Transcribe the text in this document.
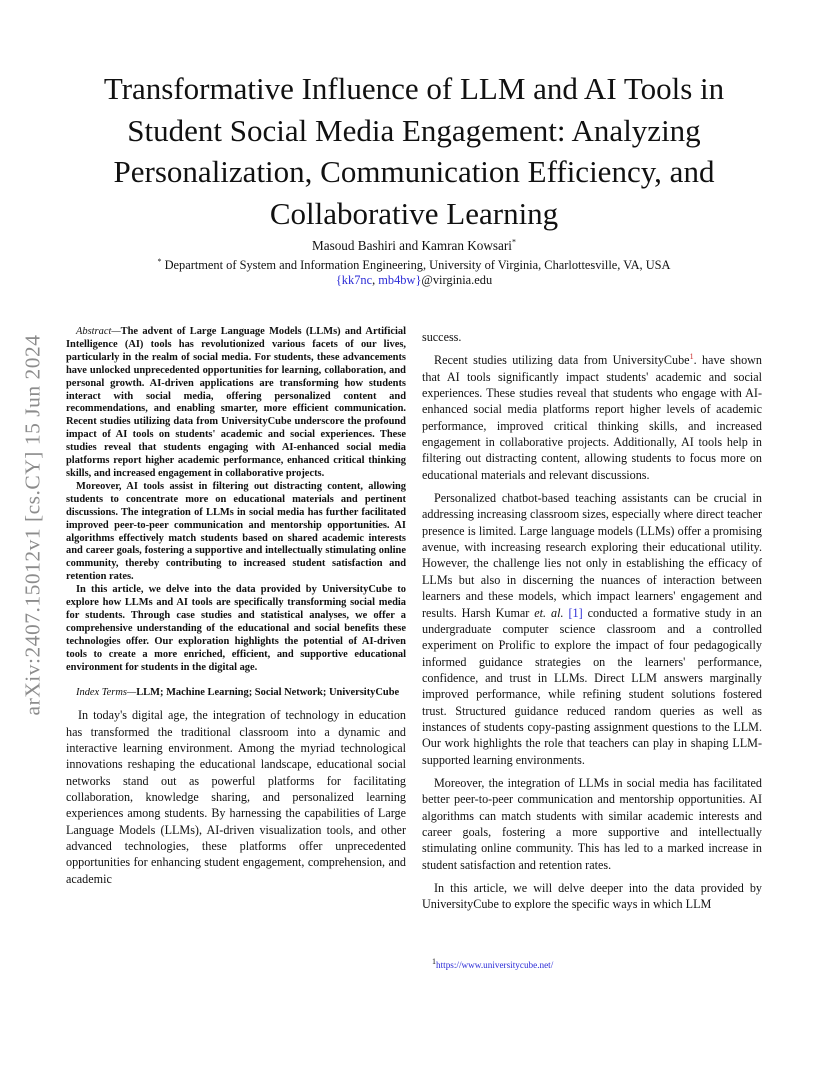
arXiv:2407.15012v1 [cs.CY] 15 Jun 2024
Transformative Influence of LLM and AI Tools in
Student Social Media Engagement: Analyzing
Personalization, Communication Efficiency, and
Collaborative Learning
Masoud Bashiri and Kamran Kowsari*
* Department of System and Information Engineering, University of Virginia, Charlottesville, VA, USA
{kk7nc, mb4bw}@virginia.edu

Abstract—The advent of Large Language Models (LLMs) and Artificial Intelligence (AI) tools has revolutionized various facets of our lives, particularly in the realm of social media. For students, these advancements have unlocked unprecedented opportunities for learning, collaboration, and personal growth. AI-driven applications are transforming how students interact with social media, offering personalized content and recommendations, and enabling smarter, more efficient communication. Recent studies utilizing data from UniversityCube underscore the profound impact of AI tools on students' academic and social experiences. These studies reveal that students engaging with AI-enhanced social media platforms report higher academic performance, enhanced critical thinking skills, and increased engagement in collaborative projects.

Moreover, AI tools assist in filtering out distracting content, allowing students to concentrate more on educational materials and pertinent discussions. The integration of LLMs in social media has further facilitated improved peer-to-peer communication and mentorship opportunities. AI algorithms effectively match students based on shared academic interests and career goals, fostering a supportive and intellectually stimulating online community, thereby contributing to increased student satisfaction and retention rates.

In this article, we delve into the data provided by UniversityCube to explore how LLMs and AI tools are specifically transforming social media for students. Through case studies and statistical analyses, we offer a comprehensive understanding of the educational and social benefits these technologies offer. Our exploration highlights the potential of AI-driven tools to create a more enriched, efficient, and supportive educational environment for students in the digital age.

Index Terms—LLM; Machine Learning; Social Network; UniversityCube

In today's digital age, the integration of technology in education has transformed the traditional classroom into a dynamic and interactive learning environment. Among the myriad technological innovations reshaping the educational landscape, educational social networks stand out as powerful platforms for facilitating collaboration, knowledge sharing, and personalized learning experiences among students. By harnessing the capabilities of Large Language Models (LLMs), AI-driven visualization tools, and other advanced technologies, these platforms offer unprecedented opportunities for enhancing student engagement, comprehension, and academic

success.

Recent studies utilizing data from UniversityCube$^1$. have shown that AI tools significantly impact students' academic and social experiences. These studies reveal that students who engage with AI-enhanced social media platforms report higher levels of academic performance, improved critical thinking skills, and increased engagement in collaborative projects. Additionally, AI tools help in filtering out distracting content, allowing students to focus more on educational materials and relevant discussions.

Personalized chatbot-based teaching assistants can be crucial in addressing increasing classroom sizes, especially where direct teacher presence is limited. Large language models (LLMs) offer a promising avenue, with increasing research exploring their educational utility. However, the challenge lies not only in establishing the efficacy of LLMs but also in discerning the nuances of interaction between learners and these models, which impact learners' engagement and results. Harsh Kumar et. al. [1] conducted a formative study in an undergraduate computer science classroom and a controlled experiment on Prolific to explore the impact of four pedagogically informed guidance strategies on the learners' performance, confidence, and trust in LLMs. Direct LLM answers marginally improved performance, while refining student solutions fostered trust. Structured guidance reduced random queries as well as instances of students copy-pasting assignment questions to the LLM. Our work highlights the role that teachers can play in shaping LLM-supported learning environments.

Moreover, the integration of LLMs in social media has facilitated better peer-to-peer communication and mentorship opportunities. AI algorithms can match students with similar academic interests and career goals, fostering a more supportive and intellectually stimulating online community. This has led to a marked increase in student satisfaction and retention rates.

In this article, we will delve deeper into the data provided by UniversityCube to explore the specific ways in which LLM

$^1$https://www.universitycube.net/
